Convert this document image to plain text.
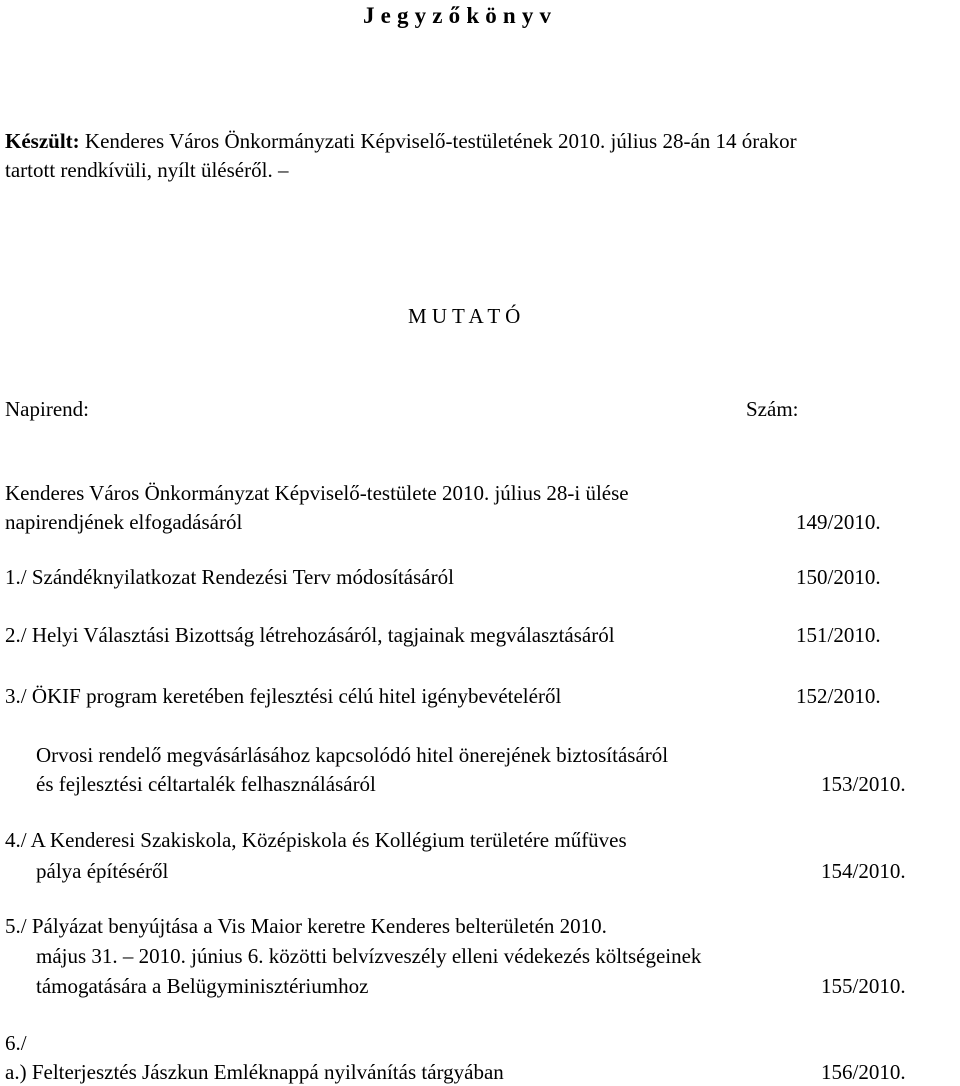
J e g y z ő k ö n y v
Készült: Kenderes Város Önkormányzati Képviselő-testületének 2010. július 28-án 14 órakor
tartott rendkívüli, nyílt üléséről. –
M U T A T Ó
Napirend:	Szám:
Kenderes Város Önkormányzat Képviselő-testülete 2010. július 28-i ülése
napirendjének elfogadásáról	149/2010.
1./ Szándéknyilatkozat Rendezési Terv módosításáról	150/2010.
2./ Helyi Választási Bizottság létrehozásáról, tagjainak megválasztásáról	151/2010.
3./ ÖKIF program keretében fejlesztési célú hitel igénybevételéről	152/2010.
Orvosi rendelő megvásárlásához kapcsolódó hitel önerejének biztosításáról
és fejlesztési céltartalék felhasználásáról	153/2010.
4./ A Kenderesi Szakiskola, Középiskola és Kollégium területére műfüves
pálya építéséről	154/2010.
5./ Pályázat benyújtása a Vis Maior keretre Kenderes belterületén 2010.
május 31. – 2010. június 6. közötti belvízveszély elleni védekezés költségeinek
támogatására a Belügyminisztériumhoz	155/2010.
6./
a.) Felterjesztés Jászkun Emléknappá nyilvánítás tárgyában	156/2010.
